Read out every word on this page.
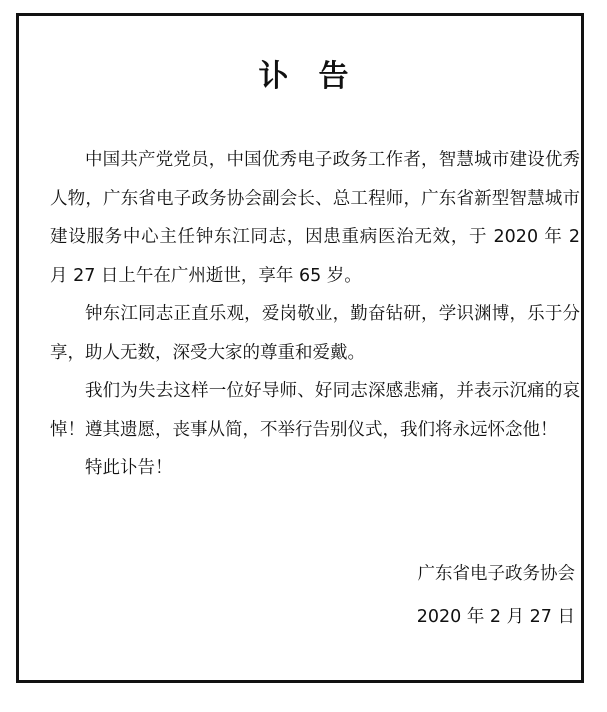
讣告

中国共产党党员，中国优秀电子政务工作者，智慧城市建设优秀人物，广东省电子政务协会副会长、总工程师，广东省新型智慧城市建设服务中心主任钟东江同志，因患重病医治无效，于 2020 年 2 月 27 日上午在广州逝世，享年 65 岁。

钟东江同志正直乐观，爱岗敬业，勤奋钻研，学识渊博，乐于分享，助人无数，深受大家的尊重和爱戴。

我们为失去这样一位好导师、好同志深感悲痛，并表示沉痛的哀悼！遵其遗愿，丧事从简，不举行告别仪式，我们将永远怀念他！

特此讣告！

广东省电子政务协会
2020 年 2 月 27 日
